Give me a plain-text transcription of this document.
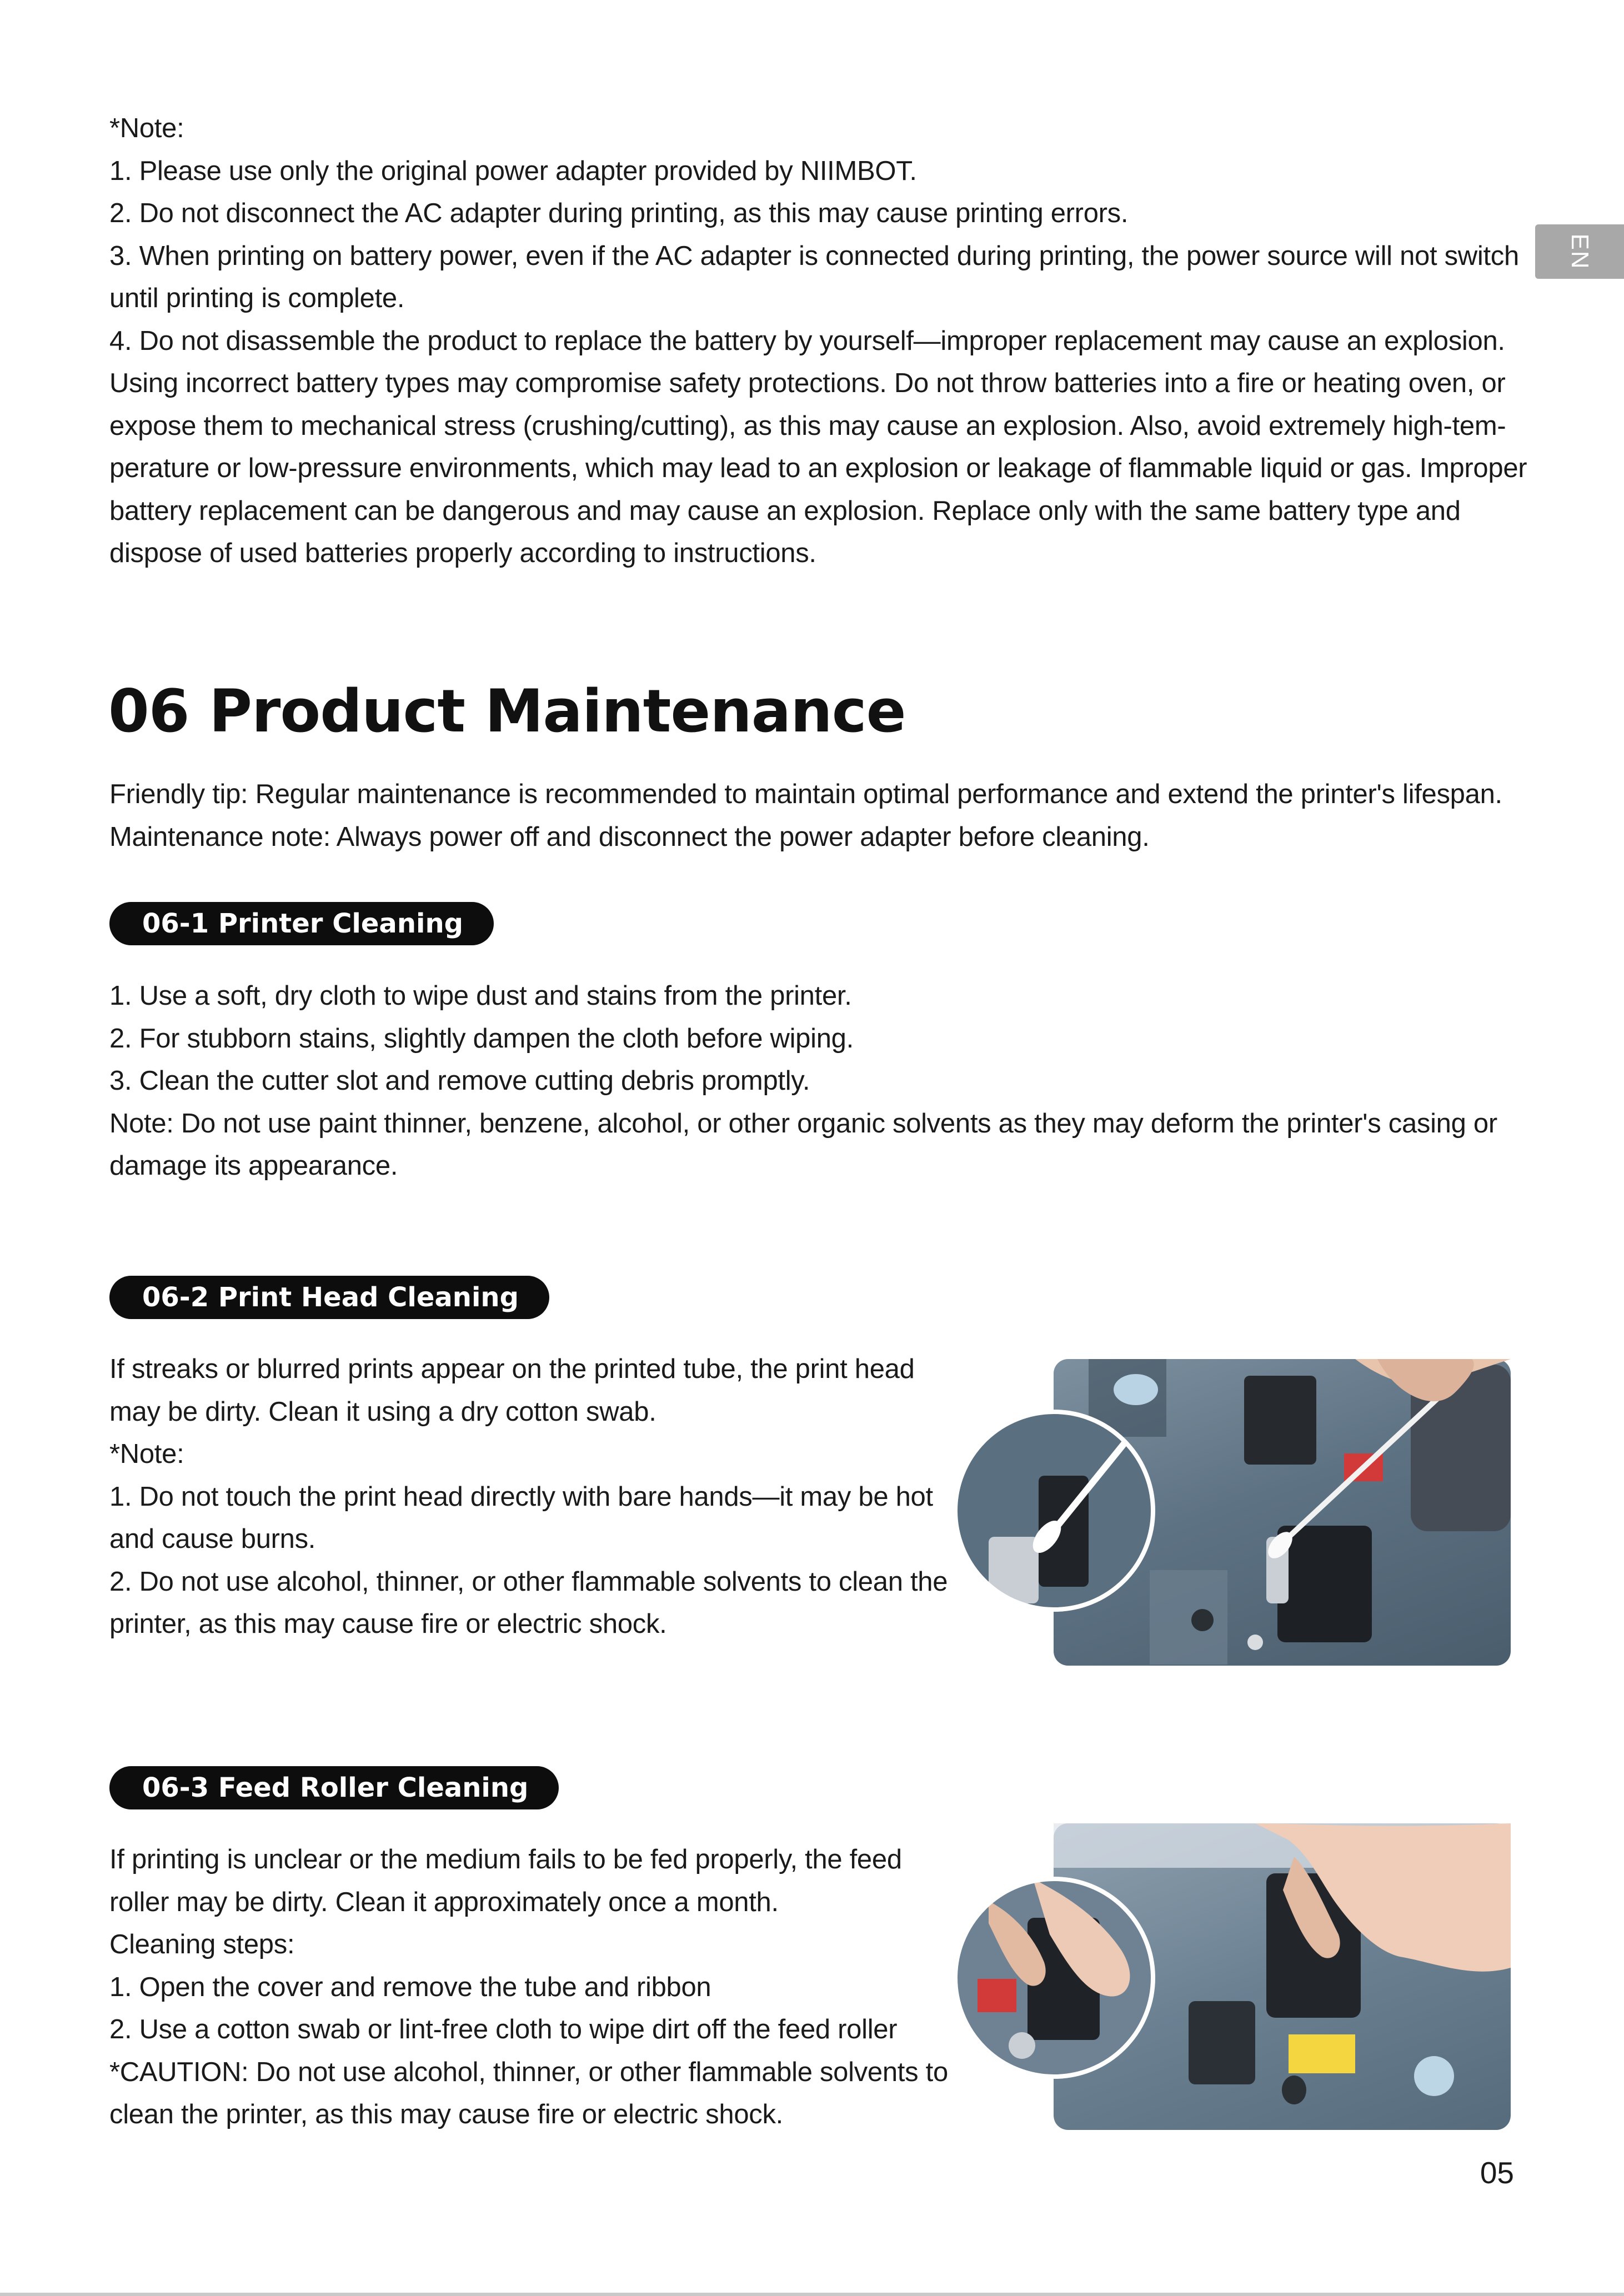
EN
*Note:
1. Please use only the original power adapter provided by NIIMBOT.
2. Do not disconnect the AC adapter during printing, as this may cause printing errors.
3. When printing on battery power, even if the AC adapter is connected during printing, the power source will not switch
until printing is complete.
4. Do not disassemble the product to replace the battery by yourself—improper replacement may cause an explosion.
Using incorrect battery types may compromise safety protections. Do not throw batteries into a fire or heating oven, or
expose them to mechanical stress (crushing/cutting), as this may cause an explosion. Also, avoid extremely high-tem-
perature or low-pressure environments, which may lead to an explosion or leakage of flammable liquid or gas. Improper
battery replacement can be dangerous and may cause an explosion. Replace only with the same battery type and
dispose of used batteries properly according to instructions.
06 Product Maintenance
Friendly tip: Regular maintenance is recommended to maintain optimal performance and extend the printer's lifespan.
Maintenance note: Always power off and disconnect the power adapter before cleaning.
06-1 Printer Cleaning
1. Use a soft, dry cloth to wipe dust and stains from the printer.
2. For stubborn stains, slightly dampen the cloth before wiping.
3. Clean the cutter slot and remove cutting debris promptly.
Note: Do not use paint thinner, benzene, alcohol, or other organic solvents as they may deform the printer's casing or
damage its appearance.
06-2 Print Head Cleaning
If streaks or blurred prints appear on the printed tube, the print head
may be dirty. Clean it using a dry cotton swab.
*Note:
1. Do not touch the print head directly with bare hands—it may be hot
and cause burns.
2. Do not use alcohol, thinner, or other flammable solvents to clean the
printer, as this may cause fire or electric shock.
06-3 Feed Roller Cleaning
If printing is unclear or the medium fails to be fed properly, the feed
roller may be dirty. Clean it approximately once a month.
Cleaning steps:
1. Open the cover and remove the tube and ribbon
2. Use a cotton swab or lint-free cloth to wipe dirt off the feed roller
*CAUTION: Do not use alcohol, thinner, or other flammable solvents to
clean the printer, as this may cause fire or electric shock.
05
